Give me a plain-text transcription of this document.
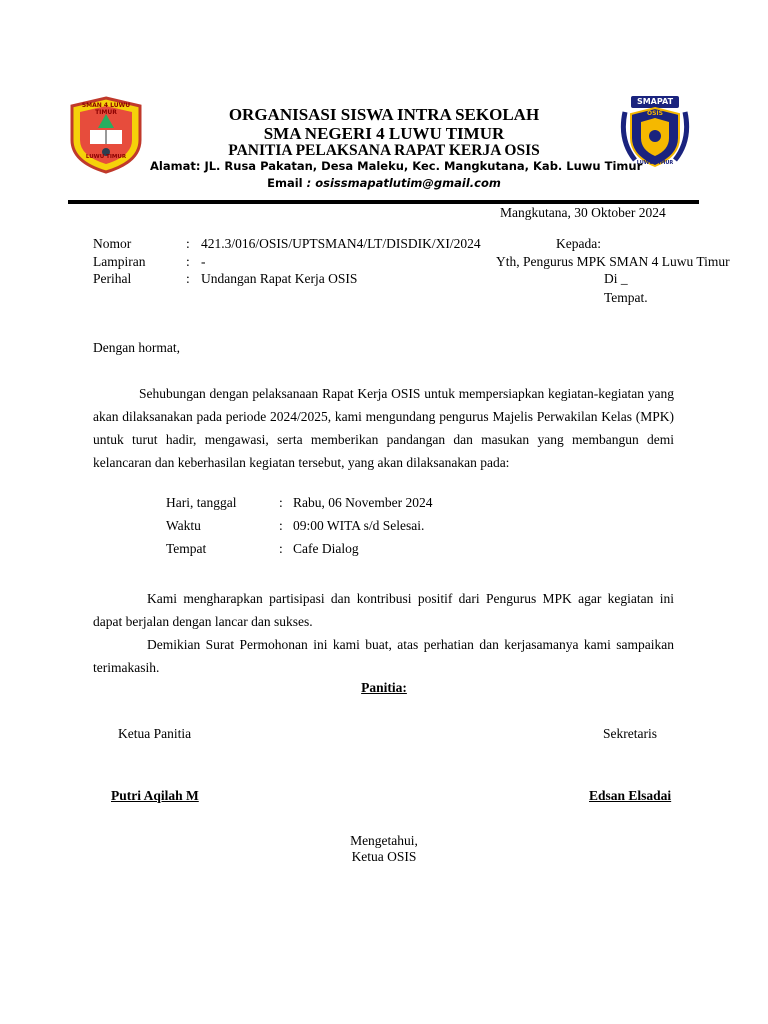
SMAN 4 LUWU TIMUR
LUWU TIMUR
SMAPAT
OSIS
LUWU TIMUR
ORGANISASI SISWA INTRA SEKOLAH
SMA NEGERI 4 LUWU TIMUR
PANITIA PELAKSANA RAPAT KERJA OSIS
Alamat: JL. Rusa Pakatan, Desa Maleku, Kec. Mangkutana, Kab. Luwu Timur
Email : osissmapatlutim@gmail.com
Mangkutana, 30 Oktober 2024
Nomor	: 421.3/016/OSIS/UPTSMAN4/LT/DISDIK/XI/2024
Lampiran	: -
Perihal	: Undangan Rapat Kerja OSIS
Kepada:
Yth, Pengurus MPK SMAN 4 Luwu Timur
Di _
Tempat.
Dengan hormat,
Sehubungan dengan pelaksanaan Rapat Kerja OSIS untuk mempersiapkan kegiatan-kegiatan yang akan dilaksanakan pada periode 2024/2025, kami mengundang pengurus Majelis Perwakilan Kelas (MPK) untuk turut hadir, mengawasi, serta memberikan pandangan dan masukan yang membangun demi kelancaran dan keberhasilan kegiatan tersebut, yang akan dilaksanakan pada:
Hari, tanggal	: Rabu, 06 November 2024
Waktu	: 09:00 WITA s/d Selesai.
Tempat	: Cafe Dialog
Kami mengharapkan partisipasi dan kontribusi positif dari Pengurus MPK agar kegiatan ini dapat berjalan dengan lancar dan sukses.
Demikian Surat Permohonan ini kami buat, atas perhatian dan kerjasamanya kami sampaikan terimakasih.
Panitia:
Ketua Panitia	Sekretaris
Putri Aqilah M	Edsan Elsadai
Mengetahui,
Ketua OSIS
